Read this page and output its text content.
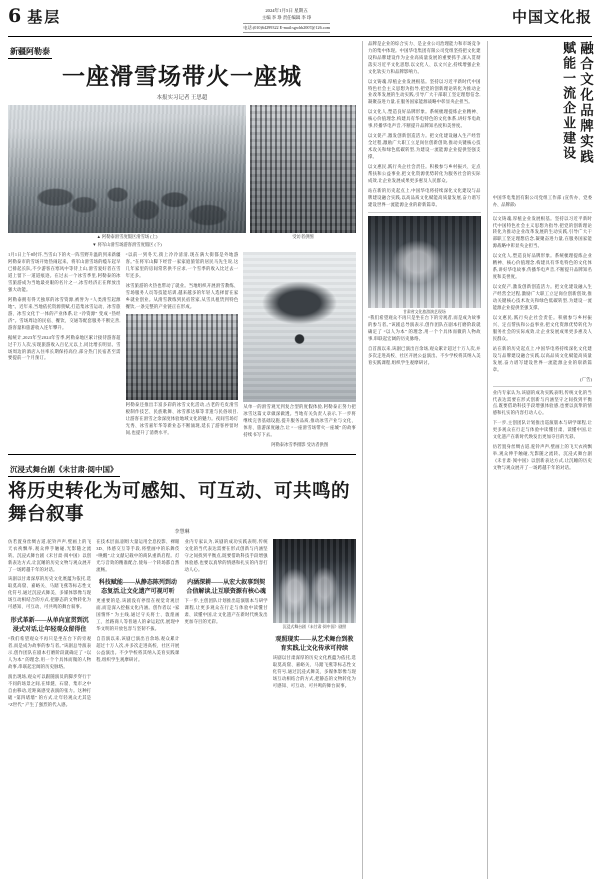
6 基层	2024年1月5日 星期五
主编 李 琤 责任编辑 李 琤
电话:(010)64299322 E-mail:sgwhb2007@126.com
中国文化报
新疆阿勒泰
一座滑雪场带火一座城
本报实习记者 王思超
▲ 阿勒泰滑雪度假区滑雪场 (上)
▼ 将军山滑雪场游客滑雪度假区 (下)
受访者供图

1月1日上午8时许,当雪山下的火一阵雪野升温的到来新疆阿勒泰市的雪场开始热闹起来。将军山滑雪场的缆车起早已排起长队,不少游客在寒风中等待上山,滑雪爱好者在雪道上留下一道道痕迹。在过去一个冰雪季里,阿勒泰的冰雪旅游成为当地最亮眼的名片之一,冰雪经济正在释放出强大动能。

阿勒泰拥有得天独厚的冰雪资源,被誉为 “人类滑雪起源地”。近年来,当地依托资源禀赋,打造集冰雪运动、冰雪旅游、冰雪文化于一体的产业体系,让 “冷资源” 变成 “热经济”。雪场周边的民宿、餐饮、交通等配套服务不断完善,游客量和旅游收入连年攀升。

据统计,2023年至2024年雪季,阿勒泰地区累计接待游客超过千万人次,实现旅游收入百亿元以上,同比增长明显。雪场周边的酒店入住率长期保持高位,部分热门民宿甚至需要提前一个月预订。

“以前一到冬天,街上冷冷清清,现在满大街都是外地游客。”在将军山脚下经营一家家庭旅馆的居民马先生说,这几年家里的房间常常供不应求,一个雪季的收入比过去一年还多。

冰雪旅游的火热也带动了就业。当地组织开展滑雪教练、雪场服务人员等技能培训,越来越多的年轻人选择留在家乡就业创业。从滑雪教练到民宿管家,从雪具租赁到特色餐饮,一条完整的产业链正在形成。

阿勒泰还推出丰富多彩的冰雪文化活动,古老的毛皮滑雪板制作技艺、民族歌舞、冰雪那达慕等非遗与民俗项目,让游客在滑雪之余深度体验地域文化的魅力。夜间雪场灯光秀、冰雪嘉年华等新业态不断涌现,延长了游客停留时间,也提升了消费水平。

从单一的滑雪观光到复合型的度假体验,阿勒泰正努力把冰雪这篇文章做深做透。当地有关负责人表示,下一步将继续完善基础设施,提升服务品质,推动冰雪产业与文化、体育、旅游深度融合,让 “一座滑雪场带火一座城” 的故事持续书写下去。

阿勒泰冰雪季摄影 受访者供图
沉浸式舞台剧《未甘肃·阅中国》
将历史转化为可感知、可互动、可共鸣的舞台叙事
李慧琳

仿若置身丝绸古道,驼铃声声,壁画上的飞天衣袂飘举,观众伸手触碰,光影随之流转。沉浸式舞台剧《未甘肃·阅中国》以创新表达方式,让沉睡的历史文物与观众展开了一场跨越千年的对话。

该剧以甘肃深厚的历史文化底蕴为依托,选取莫高窟、嘉峪关、马踏飞燕等标志性文化符号,通过沉浸式舞美、多媒体影像与现场互动相结合的方式,把静态的文物转化为可感知、可互动、可共鸣的舞台叙事。

形式革新——从单向宣贯到沉浸式对话,让年轻观众留得住

“我们希望观众不再只是坐在台下的旁观者,而是成为故事的参与者。”该剧总导演表示,创作团队在剧本打磨阶段就确定了 “以人为本” 的理念,用一个个具体而微的人物故事,串联起宏阔的历史脉络。

演出现场,观众可以跟随演员的脚步穿行于不同的场景之间,在烽燧、石窟、集市之中自由移动,近距离感受表演的张力。这种打破 “第四堵墙” 的方式,让年轻观众尤其是 “Z世代” 产生了强烈的代入感。

在技术层面,剧组大量运用全息投影、裸眼3D、体感交互等手段,将壁画中的乐舞伎 “唤醒”,让文献记载中的商队重新启程。灯光与音效的精准配合,使每一个转场都自然流畅。

科技赋能——从静态陈列到动态复活,让文化遗产可视可听

更重要的是,该剧没有停留在视觉奇观层面,而是深入挖掘文化内涵。创作者以 “家国情怀” 为主线,通过守关将士、敦煌画工、丝路商人等普通人的命运起伏,展现中华文明的开放包容与坚韧不拔。

自首演以来,该剧已演出百余场,观众累计超过十万人次,并多次走进高校、社区开展公益演出。不少学校将其纳入美育实践课程,组织学生观摩研讨。

业内专家认为,该剧的成功实践表明,传统文化的当代表达需要在形式创新与内涵坚守之间找到平衡点,既要借助科技手段增强体验感,也要以真挚的情感和扎实的内容打动人心。

内涵深耕——从宏大叙事到契合信解读,让互联资源有核心魂

下一步,主创团队计划推出巡演版本与研学课程,让更多观众在行走与体验中读懂甘肃、读懂中国,让文化遗产在新时代焕发出更加夺目的光彩。

沉浸式舞台剧《未甘肃·阅中国》剧照
观照现实——从艺术舞台到教育实践,让文化传承可持续

该剧以甘肃深厚的历史文化底蕴为依托,选取莫高窟、嘉峪关、马踏飞燕等标志性文化符号,通过沉浸式舞美、多媒体影像与现场互动相结合的方式,把静态的文物转化为可感知、可互动、可共鸣的舞台叙事。

品牌是企业的综合实力、是企业公司治理能力和市场竞争力的集中体现。中国华电集团有限公司党组坚持把文化建设和品牌建设作为企业高质量发展的重要抓手,深入贯彻落实习近平文化思想,以文化人、以文兴企,持续增强企业文化软实力和品牌影响力。

以文铸魂,厚植企业发展根基。坚持以习近平新时代中国特色社会主义思想为指导,把党的创新理论转化为推动企业改革发展的生动实践,引导广大干部职工坚定理想信念,凝聚奋进力量,在服务国家能源战略中彰显央企担当。

以文化人,塑造良好品牌形象。系统梳理提炼企业精神、核心价值理念,构建具有华电特色的文化体系,讲好华电故事,传播华电声音,不断提升品牌知名度和美誉度。

以文促产,激发创新创造活力。把文化建设融入生产经营全过程,激励广大职工立足岗位创新创效,推动关键核心技术攻关和绿色低碳转型,为建设一流能源企业提供坚强支撑。

以文惠民,践行央企社会责任。积极参与乡村振兴、定点帮扶和公益事业,把文化资源优势转化为服务社会的实际成效,让企业发展成果更多惠及人民群众。

站在新的历史起点上,中国华电将持续深化文化建设与品牌建设融合实践,以高品质文化赋能高质量发展,奋力谱写建设世界一流能源企业的崭新篇章。

甘肃省文化旅游演艺现场

“我们希望观众不再只是坐在台下的旁观者,而是成为故事的参与者。”该剧总导演表示,创作团队在剧本打磨阶段就确定了 “以人为本” 的理念,用一个个具体而微的人物故事,串联起宏阔的历史脉络。

自首演以来,该剧已演出百余场,观众累计超过十万人次,并多次走进高校、社区开展公益演出。不少学校将其纳入美育实践课程,组织学生观摩研讨。

融合文化品牌实践
赋能一流企业建设
中国华电集团有限公司党组工作部 (宣传办、党委办、品牌部)

以文铸魂,厚植企业发展根基。坚持以习近平新时代中国特色社会主义思想为指导,把党的创新理论转化为推动企业改革发展的生动实践,引导广大干部职工坚定理想信念,凝聚奋进力量,在服务国家能源战略中彰显央企担当。

以文化人,塑造良好品牌形象。系统梳理提炼企业精神、核心价值理念,构建具有华电特色的文化体系,讲好华电故事,传播华电声音,不断提升品牌知名度和美誉度。

以文促产,激发创新创造活力。把文化建设融入生产经营全过程,激励广大职工立足岗位创新创效,推动关键核心技术攻关和绿色低碳转型,为建设一流能源企业提供坚强支撑。

以文惠民,践行央企社会责任。积极参与乡村振兴、定点帮扶和公益事业,把文化资源优势转化为服务社会的实际成效,让企业发展成果更多惠及人民群众。

站在新的历史起点上,中国华电将持续深化文化建设与品牌建设融合实践,以高品质文化赋能高质量发展,奋力谱写建设世界一流能源企业的崭新篇章。

(广告)

业内专家认为,该剧的成功实践表明,传统文化的当代表达需要在形式创新与内涵坚守之间找到平衡点,既要借助科技手段增强体验感,也要以真挚的情感和扎实的内容打动人心。

下一步,主创团队计划推出巡演版本与研学课程,让更多观众在行走与体验中读懂甘肃、读懂中国,让文化遗产在新时代焕发出更加夺目的光彩。

仿若置身丝绸古道,驼铃声声,壁画上的飞天衣袂飘举,观众伸手触碰,光影随之流转。沉浸式舞台剧《未甘肃·阅中国》以创新表达方式,让沉睡的历史文物与观众展开了一场跨越千年的对话。
